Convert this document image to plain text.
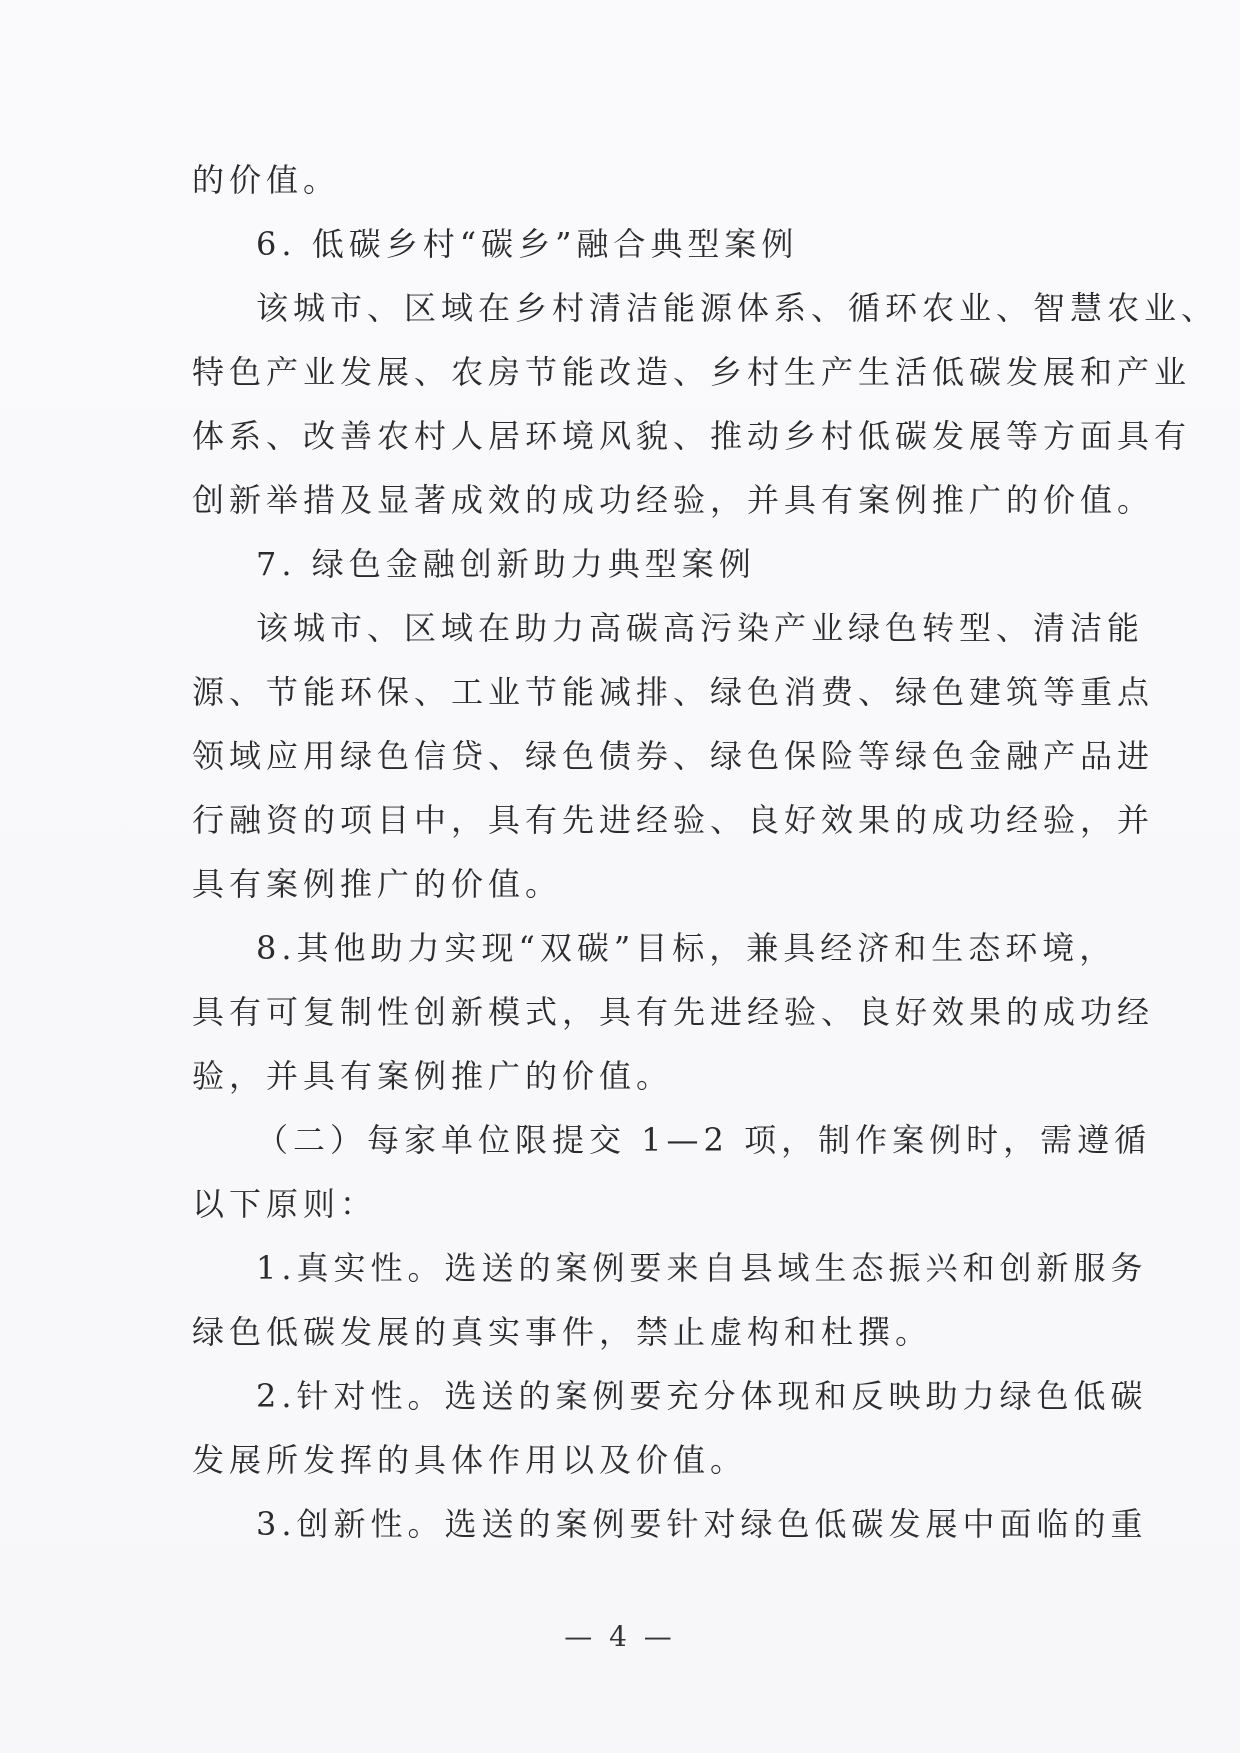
的价值。
6. 低碳乡村“碳乡”融合典型案例
该城市、区域在乡村清洁能源体系、循环农业、智慧农业、
特色产业发展、农房节能改造、乡村生产生活低碳发展和产业
体系、改善农村人居环境风貌、推动乡村低碳发展等方面具有
创新举措及显著成效的成功经验，并具有案例推广的价值。
7. 绿色金融创新助力典型案例
该城市、区域在助力高碳高污染产业绿色转型、清洁能
源、节能环保、工业节能减排、绿色消费、绿色建筑等重点
领域应用绿色信贷、绿色债券、绿色保险等绿色金融产品进
行融资的项目中，具有先进经验、良好效果的成功经验，并
具有案例推广的价值。
8.其他助力实现“双碳”目标，兼具经济和生态环境，
具有可复制性创新模式，具有先进经验、良好效果的成功经
验，并具有案例推广的价值。
（二）每家单位限提交 1—2 项，制作案例时，需遵循
以下原则：
1.真实性。选送的案例要来自县域生态振兴和创新服务
绿色低碳发展的真实事件，禁止虚构和杜撰。
2.针对性。选送的案例要充分体现和反映助力绿色低碳
发展所发挥的具体作用以及价值。
3.创新性。选送的案例要针对绿色低碳发展中面临的重
— 4 —
